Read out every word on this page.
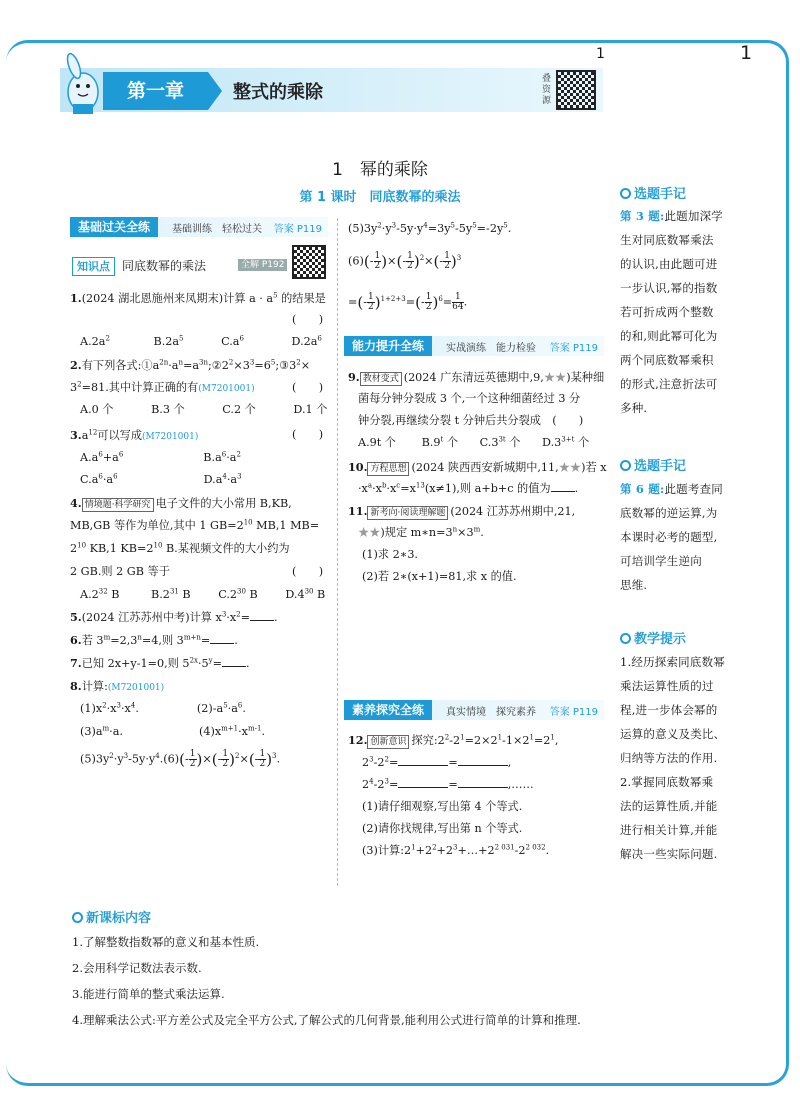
1	1
第一章	整式的乘除
叠资源
1　幂的乘除
第 1 课时　同底数幂的乘法
基础过关全练	基础训练　轻松过关 答案 P119
知识点	同底数幂的乘法	全解 P192
1.(2024 湖北恩施州来凤期末)计算 $a \cdot a^5$ 的结果是
(　　)
$A.2a^2$	$B.2a^5$	$C.a^6$	$D.2a^6$
2.有下列各式$:①a^{2n}\cdot a^n=a^{3n};②2^2\times 3^3=6^5;③3^2\times$
$3^2=81$.其中计算正确的有(M7201001)	(　　)
A.0 个	B.3 个	C.2 个	D.1 个
$3.a^{12}$可以写成(M7201001)	(　　)
$A.a^6+a^6$	$B.a^6\cdot a^2$
$C.a^6\cdot a^6$	$D.a^4\cdot a^3$
4. 情境题·科学研究 电子文件的大小常用 B,KB,
MB,GB 等作为单位,其中 1 $GB=2^{10}$ MB,1 MB=
$2^{10}$ KB,1 $KB=2^{10}$ B.某视频文件的大小约为
2 GB.则 2 GB 等于	(　　)
$A.2^{32}$ B	$B.2^{31}$ B $C.2^{30}$ B $D.4^{30}$ B
5.(2024 江苏苏州中考)计算 $x^3\cdot x^2=$ .
6.若 $3^m=2,3^n=4$,则 $3^{m+n}=$ .
7.已知 2x+y-1=0,则 $5^{2x}\cdot 5^y=$ .
8.计算:(M7201001)
$(1)x^2\cdot x^3\cdot x^4$.	$(2)-a^5\cdot a^6$.
$(3)a^m\cdot a$.	$(4)x^{m+1}\cdot x^{m-1}$.
$(5)3y^2\cdot y^3-5y\cdot y^4.(6)(- \frac{1}{2}$ )×(- $\frac{1}{2} )^2\times(- \frac{1}{2} )^3$.
$(5)3y^2\cdot y^3-5y\cdot y^4=3y^5-5y^5=-2y^5$.
$(6)(- \frac{1}{2}$ )×(- $\frac{1}{2} )^2\times(- \frac{1}{2} )^3$
=(- $\frac{1}{2} )^{1+2+3}=(- \frac{1}{2} )^6= \frac{1}{64}$ .
能力提升全练	实战演练　能力检验 答案 P119
9. 教材变式 (2024 广东清远英德期中,9,★★)某种细
菌每分钟分裂成 3 个,一个这种细菌经过 3 分
钟分裂,再继续分裂 t 分钟后共分裂成　 (　　)
A.9t 个 B.9$^t$ 个 $C.3^{3t}$ 个 $D.3^{3+t}$ 个
10. 方程思想 (2024 陕西西安新城期中,11,★★)若 x
$\cdot x^a\cdot x^b\cdot x^c=x^{13}(x\ne 1)$,则 a+b+c 的值为 .
11. 新考向·阅读理解题 (2024 江苏苏州期中,21,
★★)规定 $m∗n=3^n\times 3^m$.
(1)求 2∗3.
(2)若 2∗(x+1)=81,求 x 的值.
素养探究全练	真实情境　探究素养 答案 P119
12. 创新意识 探究$:2^2-2^1=2\times 2^1-1\times 2^1=2^1$,
$2^3-2^2=$	=	,
$2^4-2^3=$	=	,……
(1)请仔细观察,写出第 4 个等式.
(2)请你找规律,写出第 n 个等式.
(3)计算$:2^1+2^2+2^3+\dots+2^{2 031}-2^{2 032}$.
选题手记
第 3 题:此题加深学
生对同底数幂乘法
的认识,由此题可进
一步认识,幂的指数
若可折成两个整数
的和,则此幂可化为
两个同底数幂乘积
的形式,注意折法可
多种.
选题手记
第 6 题:此题考查同
底数幂的逆运算,为
本课时必考的题型,
可培训学生逆向
思维.
教学提示
1.经历探索同底数幂
乘法运算性质的过
程,进一步体会幂的
运算的意义及类比、
归纳等方法的作用.
2.掌握同底数幂乘
法的运算性质,并能
进行相关计算,并能
解决一些实际问题.
新课标内容
1.了解整数指数幂的意义和基本性质.
2.会用科学记数法表示数.
3.能进行简单的整式乘法运算.
4.理解乘法公式:平方差公式及完全平方公式,了解公式的几何背景,能利用公式进行简单的计算和推理.
